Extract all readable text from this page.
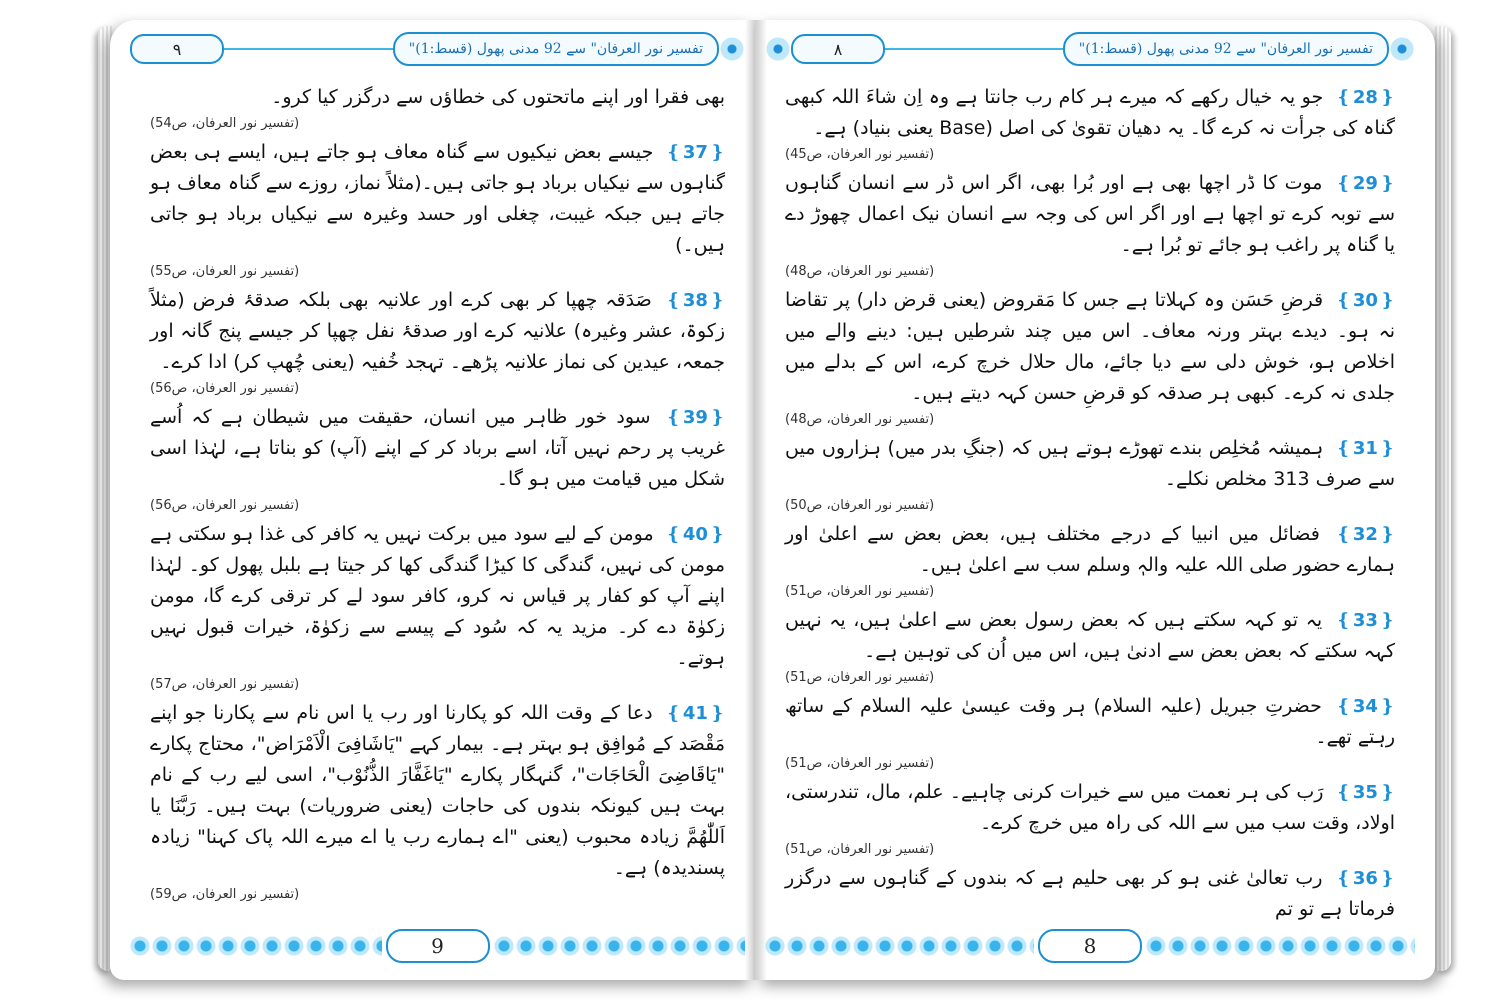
۹	"تفسیر نور العرفان" سے 92 مدنی پھول (قسط:1)

بھی فقرا اور اپنے ماتحتوں کی خطاؤں سے درگزر کیا کرو۔
(تفسیر نور العرفان، ص54)

❴ 37 ❵ جیسے بعض نیکیوں سے گناہ معاف ہو جاتے ہیں، ایسے ہی بعض گناہوں سے نیکیاں برباد ہو جاتی ہیں۔(مثلاً نماز، روزے سے گناہ معاف ہو جاتے ہیں جبکہ غیبت، چغلی اور حسد وغیرہ سے نیکیاں برباد ہو جاتی ہیں۔)
(تفسیر نور العرفان، ص55)

❴ 38 ❵ صَدَقہ چھپا کر بھی کرے اور علانیہ بھی بلکہ صدقۂ فرض (مثلاً زکوۃ، عشر وغیرہ) علانیہ کرے اور صدقۂ نفل چھپا کر جیسے پنج گانہ اور جمعہ، عیدین کی نماز علانیہ پڑھے۔ تہجد خُفیہ (یعنی چُھپ کر) ادا کرے۔
(تفسیر نور العرفان، ص56)

❴ 39 ❵ سود خور ظاہر میں انسان، حقیقت میں شیطان ہے کہ اُسے غریب پر رحم نہیں آتا، اسے برباد کر کے اپنے (آپ) کو بناتا ہے، لہٰذا اسی شکل میں قیامت میں ہو گا۔
(تفسیر نور العرفان، ص56)

❴ 40 ❵ مومن کے لیے سود میں برکت نہیں یہ کافر کی غذا ہو سکتی ہے مومن کی نہیں، گندگی کا کیڑا گندگی کھا کر جیتا ہے بلبل پھول کو۔ لہٰذا اپنے آپ کو کفار پر قیاس نہ کرو، کافر سود لے کر ترقی کرے گا، مومن زکوٰۃ دے کر۔ مزید یہ کہ سُود کے پیسے سے زکوٰۃ، خیرات قبول نہیں ہوتے۔
(تفسیر نور العرفان، ص57)

❴ 41 ❵ دعا کے وقت اللہ کو پکارنا اور رب یا اس نام سے پکارنا جو اپنے مَقْصَد کے مُوافِق ہو بہتر ہے۔ بیمار کہے "یَاشَافِیَ الْاَمْرَاض"، محتاج پکارے "یَاقَاضِیَ الْحَاجَات"، گنہگار پکارے "یَاغَفَّارَ الذُّنُوْب"، اسی لیے رب کے نام بہت ہیں کیونکہ بندوں کی حاجات (یعنی ضروریات) بہت ہیں۔ رَبَّنَا یا اَللّٰھُمَّ زیادہ محبوب (یعنی "اے ہمارے رب یا اے میرے اللہ پاک کہنا" زیادہ پسندیدہ) ہے۔
(تفسیر نور العرفان، ص59)

9
۸	"تفسیر نور العرفان" سے 92 مدنی پھول (قسط:1)

❴ 28 ❵ جو یہ خیال رکھے کہ میرے ہر کام رب جانتا ہے وہ اِن شاءَ اللہ کبھی گناہ کی جرأت نہ کرے گا۔ یہ دھیان تقویٰ کی اصل (Base یعنی بنیاد) ہے۔
(تفسیر نور العرفان، ص45)

❴ 29 ❵ موت کا ڈر اچھا بھی ہے اور بُرا بھی، اگر اس ڈر سے انسان گناہوں سے توبہ کرے تو اچھا ہے اور اگر اس کی وجہ سے انسان نیک اعمال چھوڑ دے یا گناہ پر راغب ہو جائے تو بُرا ہے۔
(تفسیر نور العرفان، ص48)

❴ 30 ❵ قرضِ حَسَن وہ کہلاتا ہے جس کا مَقروض (یعنی قرض دار) پر تقاضا نہ ہو۔ دیدے بہتر ورنہ معاف۔ اس میں چند شرطیں ہیں: دینے والے میں اخلاص ہو، خوش دلی سے دیا جائے، مال حلال خرچ کرے، اس کے بدلے میں جلدی نہ کرے۔ کبھی ہر صدقہ کو قرضِ حسن کہہ دیتے ہیں۔
(تفسیر نور العرفان، ص48)

❴ 31 ❵ ہمیشہ مُخلِص بندے تھوڑے ہوتے ہیں کہ (جنگِ بدر میں) ہزاروں میں سے صرف 313 مخلص نکلے۔
(تفسیر نور العرفان، ص50)

❴ 32 ❵ فضائل میں انبیا کے درجے مختلف ہیں، بعض بعض سے اعلیٰ اور ہمارے حضور صلی اللہ علیہ والہٖ وسلم سب سے اعلیٰ ہیں۔
(تفسیر نور العرفان، ص51)

❴ 33 ❵ یہ تو کہہ سکتے ہیں کہ بعض رسول بعض سے اعلیٰ ہیں، یہ نہیں کہہ سکتے کہ بعض بعض سے ادنیٰ ہیں، اس میں اُن کی توہین ہے۔
(تفسیر نور العرفان، ص51)

❴ 34 ❵ حضرتِ جبریل (علیہ السلام) ہر وقت عیسیٰ علیہ السلام کے ساتھ رہتے تھے۔
(تفسیر نور العرفان، ص51)

❴ 35 ❵ رَب کی ہر نعمت میں سے خیرات کرنی چاہیے۔ علم، مال، تندرستی، اولاد، وقت سب میں سے اللہ کی راہ میں خرچ کرے۔
(تفسیر نور العرفان، ص51)

❴ 36 ❵ رب تعالیٰ غنی ہو کر بھی حلیم ہے کہ بندوں کے گناہوں سے درگزر فرماتا ہے تو تم

8
